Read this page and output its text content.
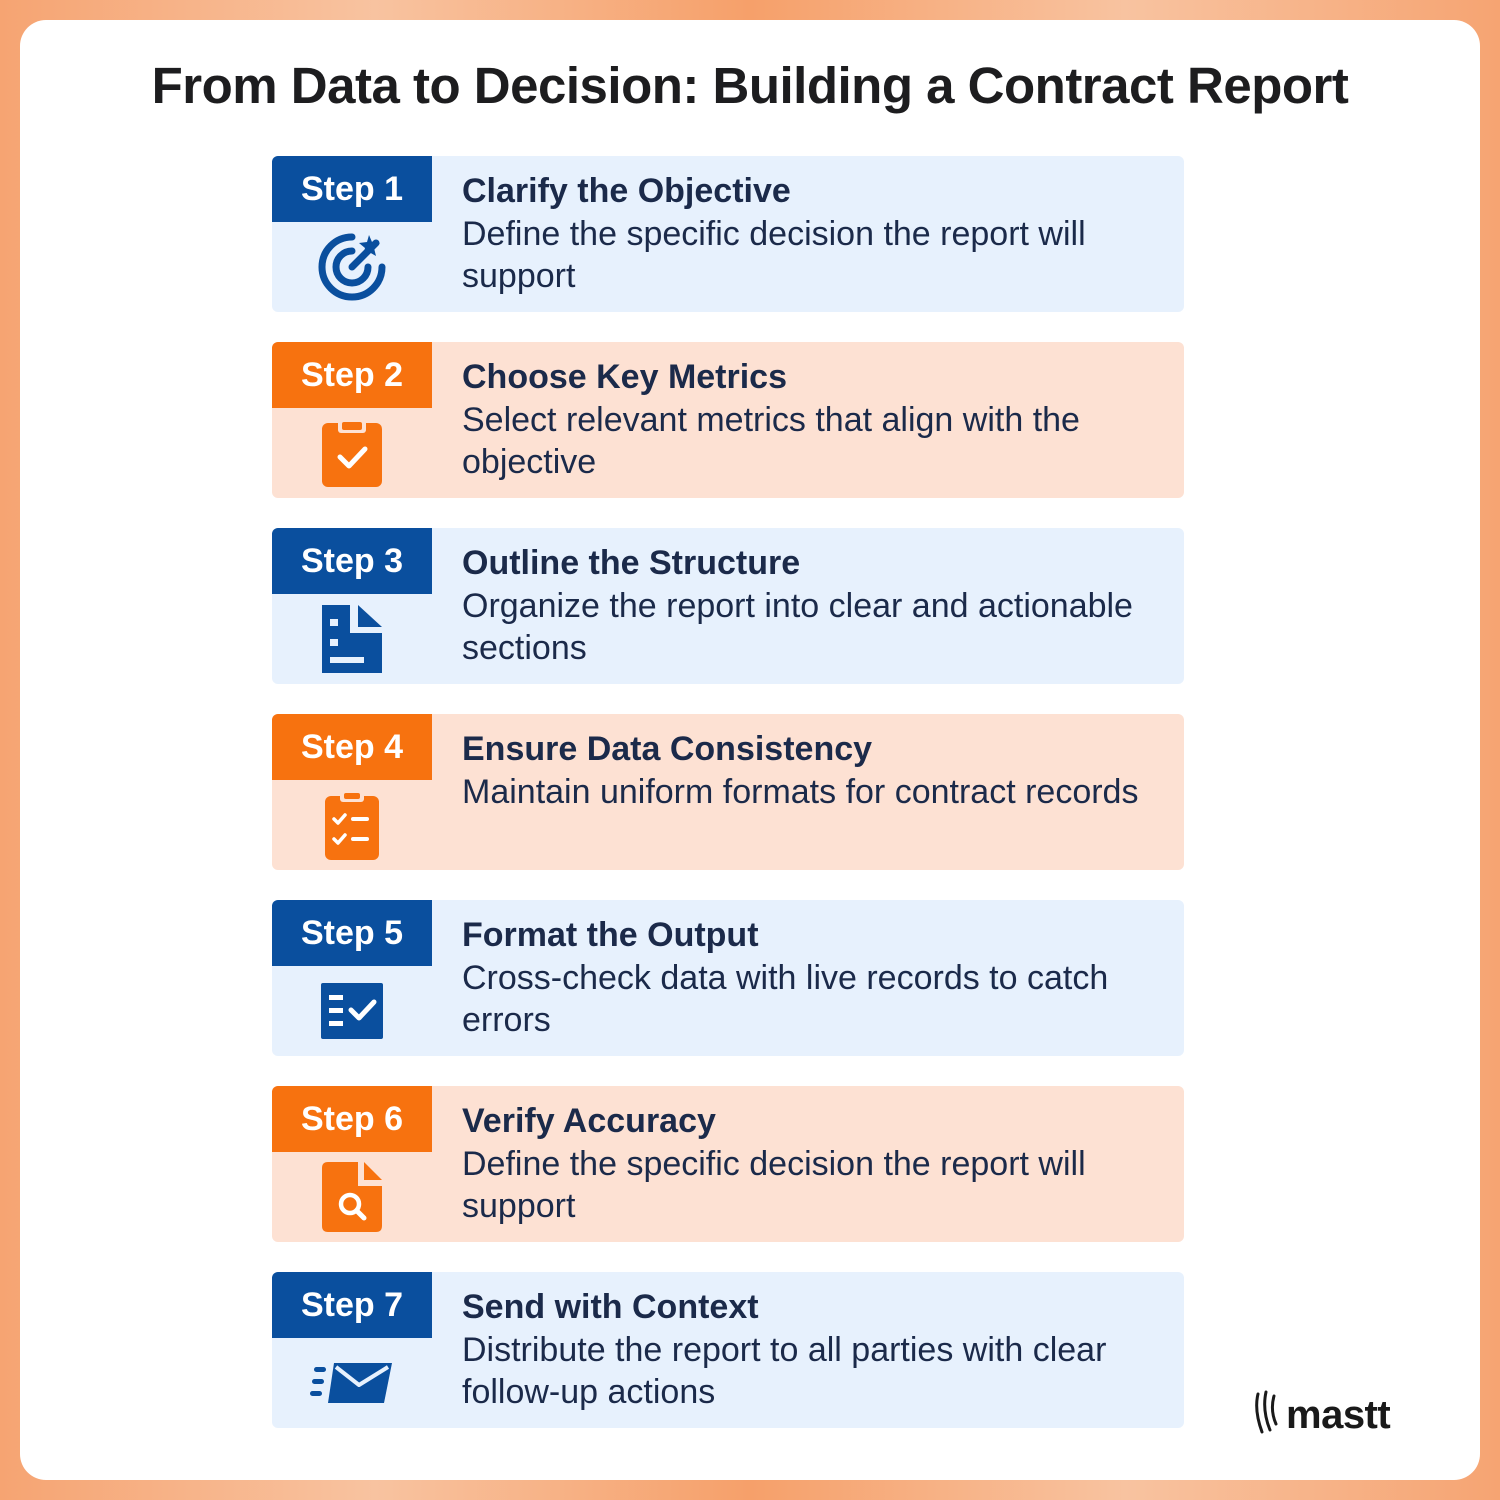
From Data to Decision: Building a Contract Report
Step 1	Clarify the Objective
Define the specific decision the report will support
Step 2	Choose Key Metrics
Select relevant metrics that align with the objective
Step 3	Outline the Structure
Organize the report into clear and actionable sections
Step 4	Ensure Data Consistency
Maintain uniform formats for contract records
Step 5	Format the Output
Cross-check data with live records to catch errors
Step 6	Verify Accuracy
Define the specific decision the report will support
Step 7	Send with Context
Distribute the report to all parties with clear follow-up actions
mastt
